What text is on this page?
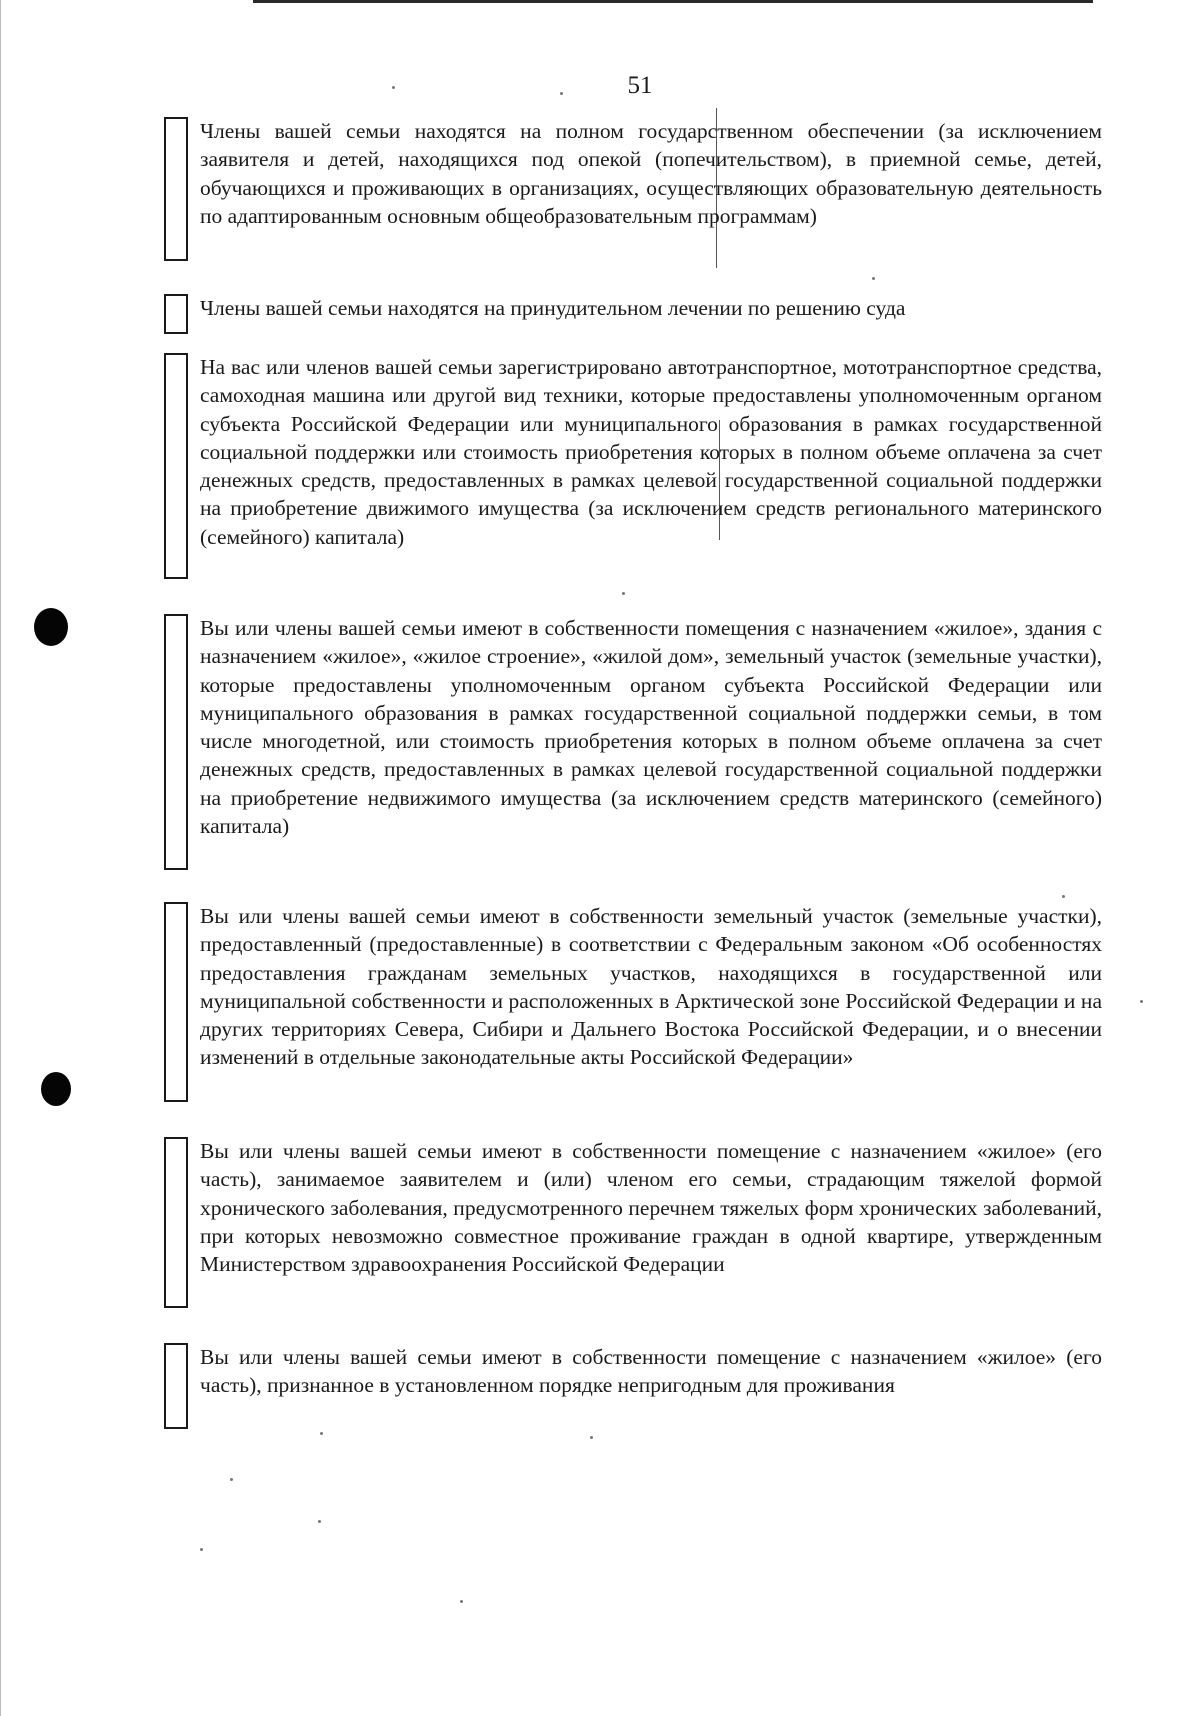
51

Члены вашей семьи находятся на полном государственном обеспечении (за исключением заявителя и детей, находящихся под опекой (попечительством), в приемной семье, детей, обучающихся и проживающих в организациях, осуществляющих образовательную деятельность по адаптированным основным общеобразовательным программам)

Члены вашей семьи находятся на принудительном лечении по решению суда

На вас или членов вашей семьи зарегистрировано автотранспортное, мототранспортное средства, самоходная машина или другой вид техники, которые предоставлены уполномоченным органом субъекта Российской Федерации или муниципального образования в рамках государственной социальной поддержки или стоимость приобретения которых в полном объеме оплачена за счет денежных средств, предоставленных в рамках целевой государственной социальной поддержки на приобретение движимого имущества (за исключением средств регионального материнского (семейного) капитала)

Вы или члены вашей семьи имеют в собственности помещения с назначением «жилое», здания с назначением «жилое», «жилое строение», «жилой дом», земельный участок (земельные участки), которые предоставлены уполномоченным органом субъекта Российской Федерации или муниципального образования в рамках государственной социальной поддержки семьи, в том числе многодетной, или стоимость приобретения которых в полном объеме оплачена за счет денежных средств, предоставленных в рамках целевой государственной социальной поддержки на приобретение недвижимого имущества (за исключением средств материнского (семейного) капитала)

Вы или члены вашей семьи имеют в собственности земельный участок (земельные участки), предоставленный (предоставленные) в соответствии с Федеральным законом «Об особенностях предоставления гражданам земельных участков, находящихся в государственной или муниципальной собственности и расположенных в Арктической зоне Российской Федерации и на других территориях Севера, Сибири и Дальнего Востока Российской Федерации, и о внесении изменений в отдельные законодательные акты Российской Федерации»

Вы или члены вашей семьи имеют в собственности помещение с назначением «жилое» (его часть), занимаемое заявителем и (или) членом его семьи, страдающим тяжелой формой хронического заболевания, предусмотренного перечнем тяжелых форм хронических заболеваний, при которых невозможно совместное проживание граждан в одной квартире, утвержденным Министерством здравоохранения Российской Федерации

Вы или члены вашей семьи имеют в собственности помещение с назначением «жилое» (его часть), признанное в установленном порядке непригодным для проживания
